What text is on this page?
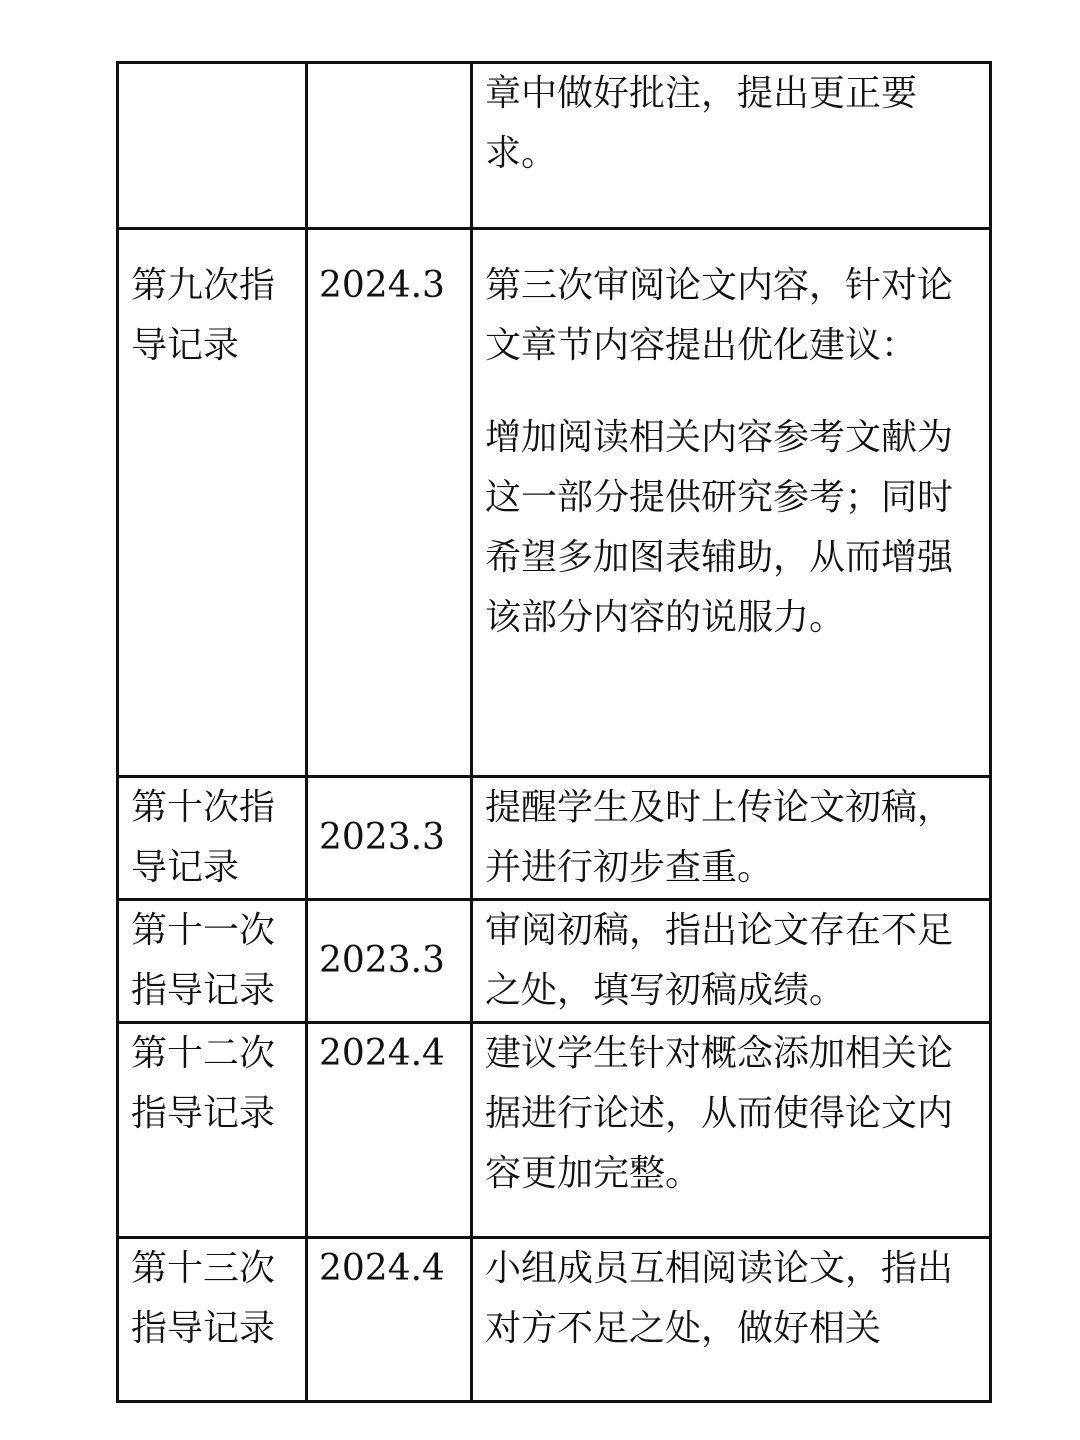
		章中做好批注，提出更正要求。

第九次指导记录	2024.3	第三次审阅论文内容，针对论文章节内容提出优化建议：
增加阅读相关内容参考文献为这一部分提供研究参考；同时希望多加图表辅助，从而增强该部分内容的说服力。

第十次指导记录	2023.3	提醒学生及时上传论文初稿，并进行初步查重。

第十一次指导记录	2023.3	审阅初稿，指出论文存在不足之处，填写初稿成绩。

第十二次指导记录	2024.4	建议学生针对概念添加相关论据进行论述，从而使得论文内容更加完整。

第十三次指导记录	2024.4	小组成员互相阅读论文，指出对方不足之处，做好相关
